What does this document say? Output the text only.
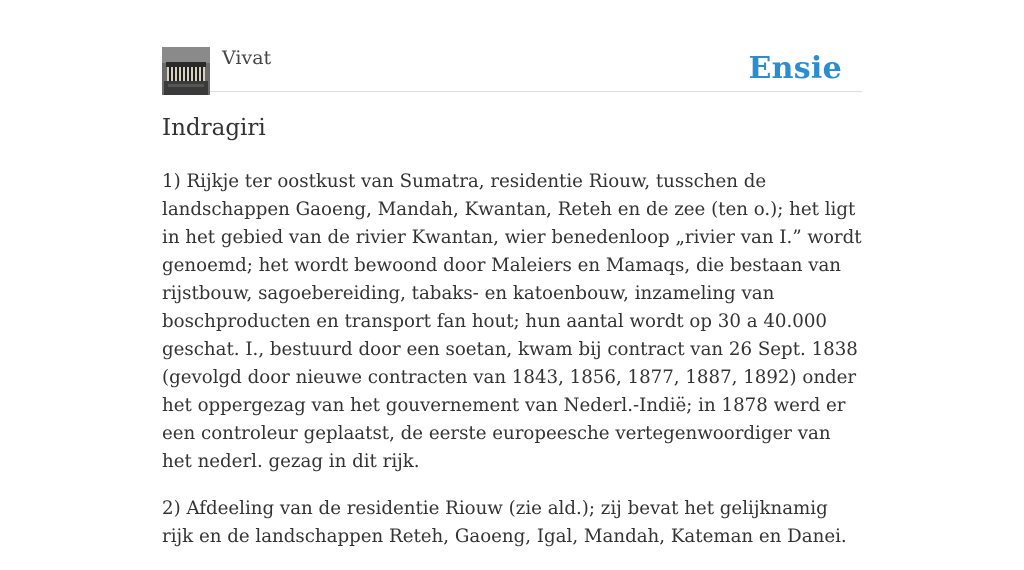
Vivat	Ensie
Indragiri

1) Rijkje ter oostkust van Sumatra, residentie Riouw, tusschen de landschappen Gaoeng, Mandah, Kwantan, Reteh en de zee (ten o.); het ligt in het gebied van de rivier Kwantan, wier benedenloop „rivier van I.” wordt genoemd; het wordt bewoond door Maleiers en Mamaqs, die bestaan van rijstbouw, sagoebereiding, tabaks- en katoenbouw, inzameling van boschproducten en transport fan hout; hun aantal wordt op 30 a 40.000 geschat. I., bestuurd door een soetan, kwam bij contract van 26 Sept. 1838 (gevolgd door nieuwe contracten van 1843, 1856, 1877, 1887, 1892) onder het oppergezag van het gouvernement van Nederl.-Indië; in 1878 werd er een controleur geplaatst, de eerste europeesche vertegenwoordiger van het nederl. gezag in dit rijk.

2) Afdeeling van de residentie Riouw (zie ald.); zij bevat het gelijknamig rijk en de landschappen Reteh, Gaoeng, Igal, Mandah, Kateman en Danei.
